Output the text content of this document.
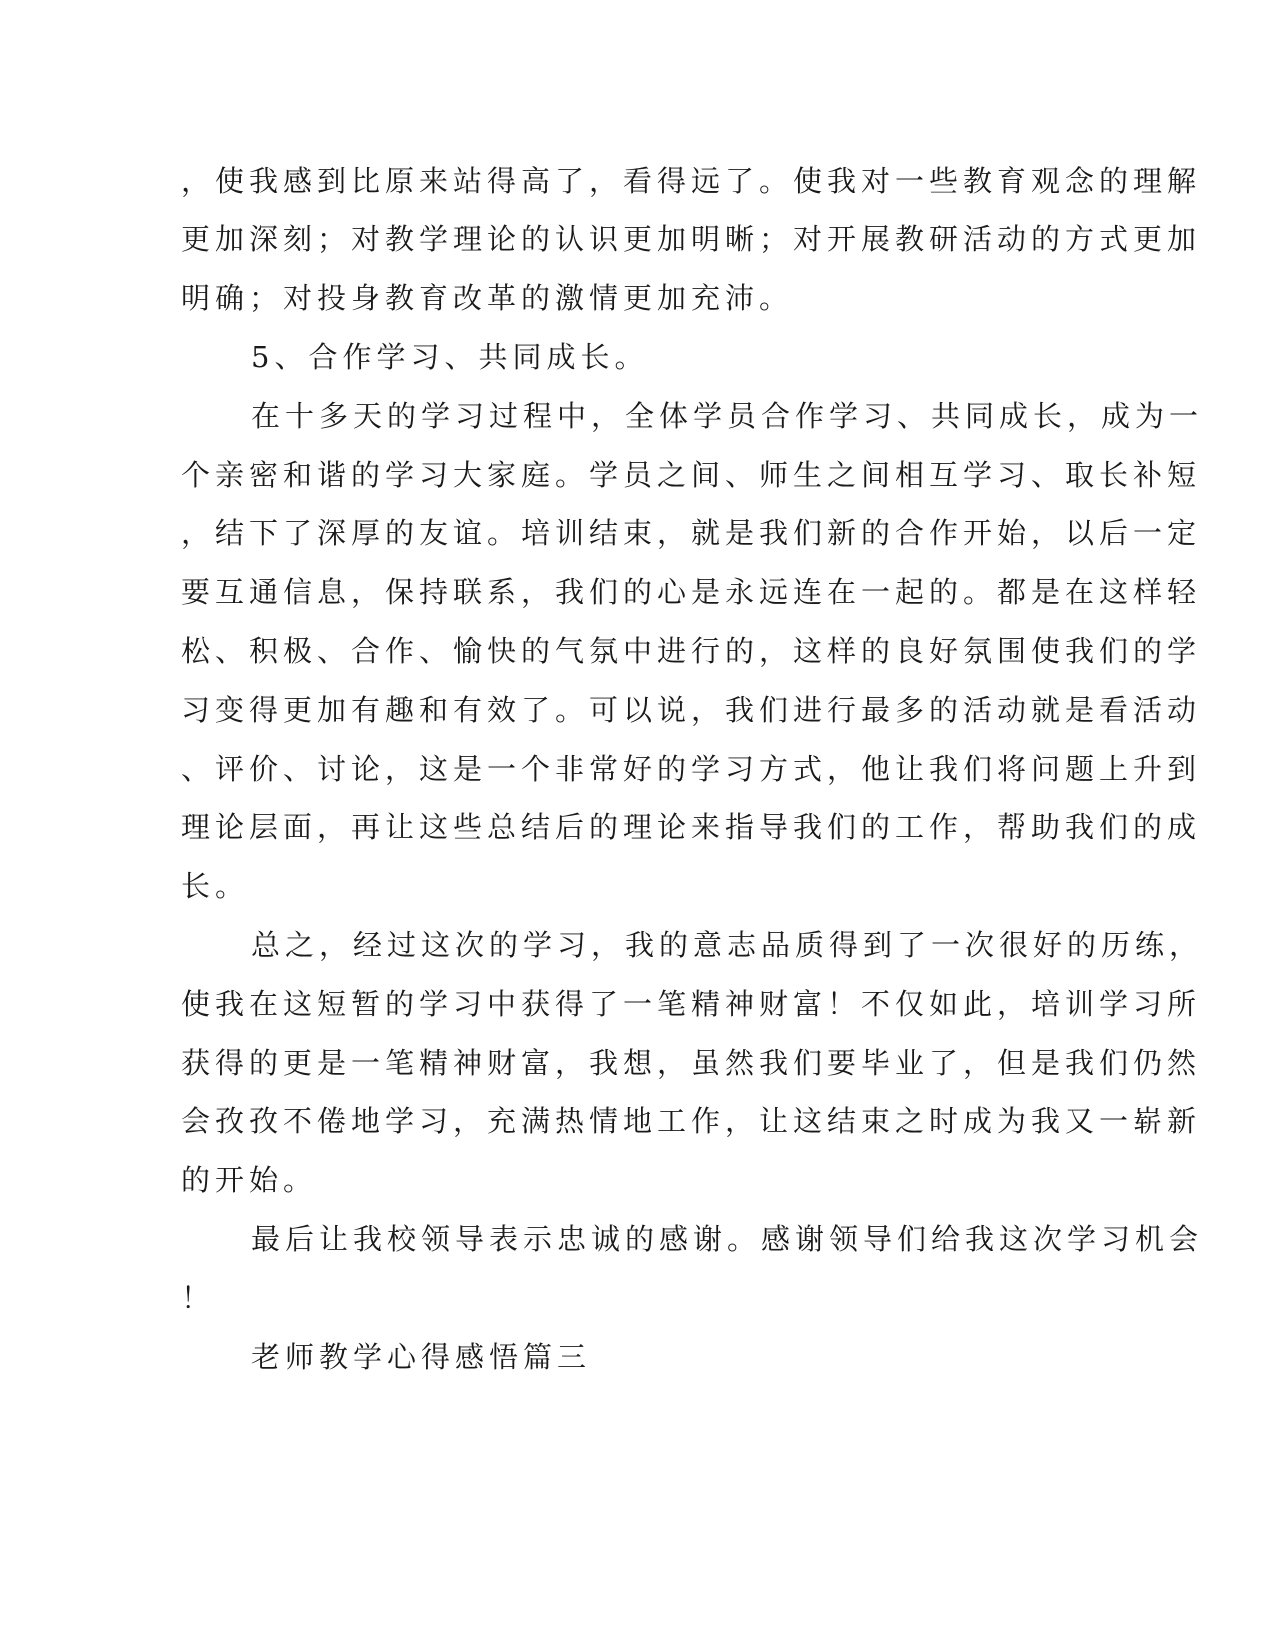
，使我感到比原来站得高了，看得远了。使我对一些教育观念的理解
更加深刻；对教学理论的认识更加明晰；对开展教研活动的方式更加
明确；对投身教育改革的激情更加充沛。
5、合作学习、共同成长。
在十多天的学习过程中，全体学员合作学习、共同成长，成为一
个亲密和谐的学习大家庭。学员之间、师生之间相互学习、取长补短
，结下了深厚的友谊。培训结束，就是我们新的合作开始，以后一定
要互通信息，保持联系，我们的心是永远连在一起的。都是在这样轻
松、积极、合作、愉快的气氛中进行的，这样的良好氛围使我们的学
习变得更加有趣和有效了。可以说，我们进行最多的活动就是看活动
、评价、讨论，这是一个非常好的学习方式，他让我们将问题上升到
理论层面，再让这些总结后的理论来指导我们的工作，帮助我们的成
长。
总之，经过这次的学习，我的意志品质得到了一次很好的历练，
使我在这短暂的学习中获得了一笔精神财富！不仅如此，培训学习所
获得的更是一笔精神财富，我想，虽然我们要毕业了，但是我们仍然
会孜孜不倦地学习，充满热情地工作，让这结束之时成为我又一崭新
的开始。
最后让我校领导表示忠诚的感谢。感谢领导们给我这次学习机会
！
老师教学心得感悟篇三
